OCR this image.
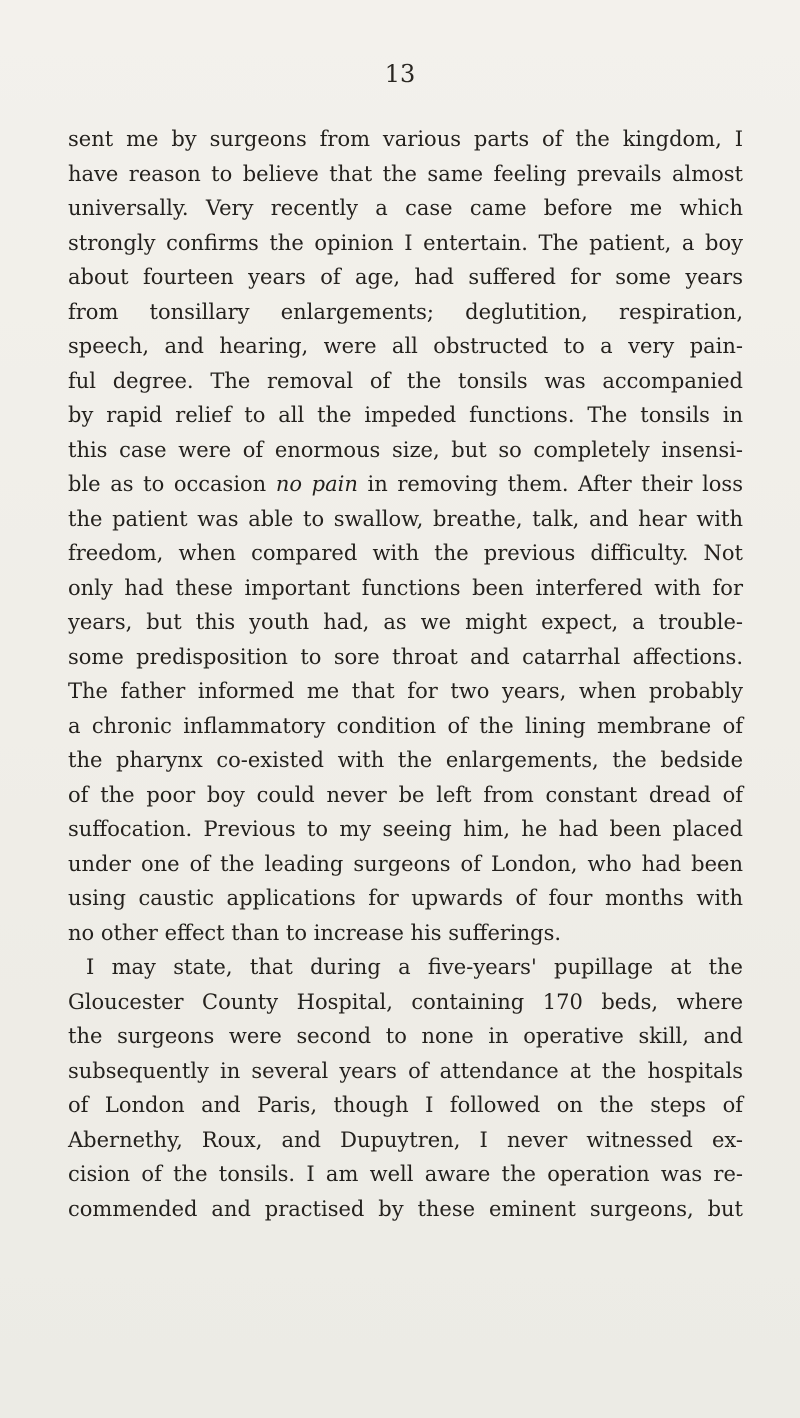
13
sent me by surgeons from various parts of the kingdom, I
have reason to believe that the same feeling prevails almost
universally. Very recently a case came before me which
strongly confirms the opinion I entertain. The patient, a boy
about fourteen years of age, had suffered for some years
from tonsillary enlargements; deglutition, respiration,
speech, and hearing, were all obstructed to a very pain-
ful degree. The removal of the tonsils was accompanied
by rapid relief to all the impeded functions. The tonsils in
this case were of enormous size, but so completely insensi-
ble as to occasion no pain in removing them. After their loss
the patient was able to swallow, breathe, talk, and hear with
freedom, when compared with the previous difficulty. Not
only had these important functions been interfered with for
years, but this youth had, as we might expect, a trouble-
some predisposition to sore throat and catarrhal affections.
The father informed me that for two years, when probably
a chronic inflammatory condition of the lining membrane of
the pharynx co-existed with the enlargements, the bedside
of the poor boy could never be left from constant dread of
suffocation. Previous to my seeing him, he had been placed
under one of the leading surgeons of London, who had been
using caustic applications for upwards of four months with
no other effect than to increase his sufferings.
I may state, that during a five-years' pupillage at the
Gloucester County Hospital, containing 170 beds, where
the surgeons were second to none in operative skill, and
subsequently in several years of attendance at the hospitals
of London and Paris, though I followed on the steps of
Abernethy, Roux, and Dupuytren, I never witnessed ex-
cision of the tonsils. I am well aware the operation was re-
commended and practised by these eminent surgeons, but
